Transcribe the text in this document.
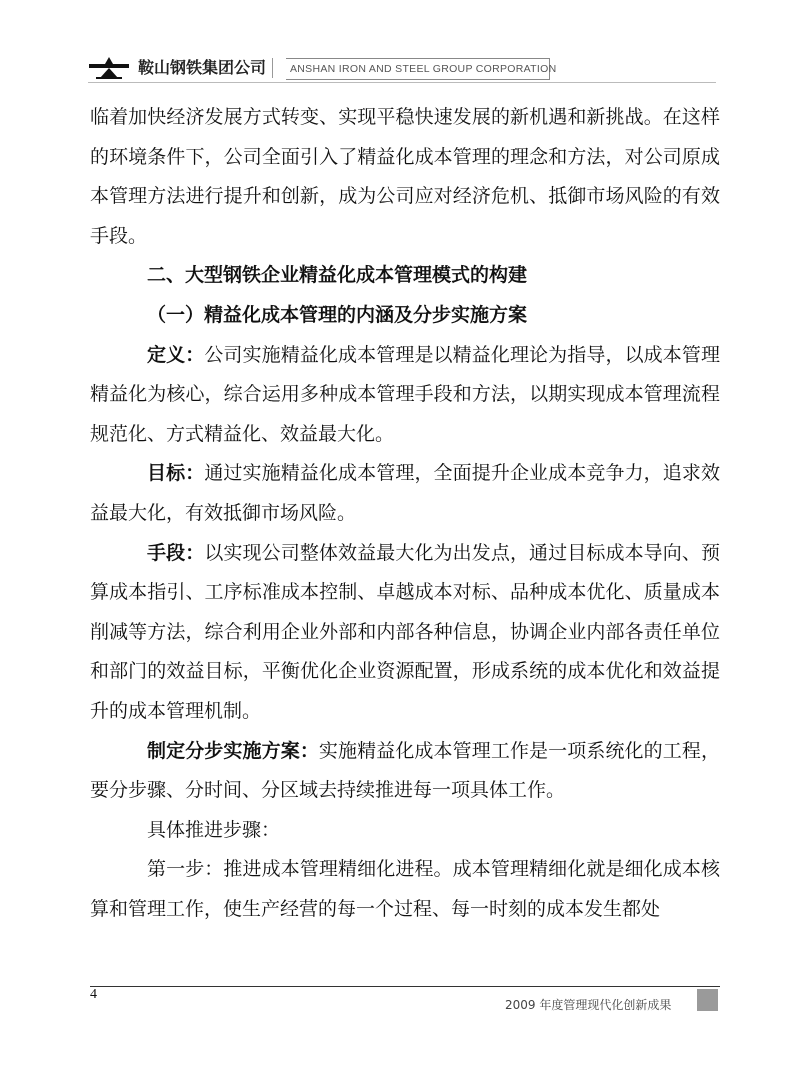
鞍山钢铁集团公司	ANSHAN IRON AND STEEL GROUP CORPORATION

临着加快经济发展方式转变、实现平稳快速发展的新机遇和新挑战。在这样的环境条件下，公司全面引入了精益化成本管理的理念和方法，对公司原成本管理方法进行提升和创新，成为公司应对经济危机、抵御市场风险的有效手段。

二、大型钢铁企业精益化成本管理模式的构建

（一）精益化成本管理的内涵及分步实施方案

定义：公司实施精益化成本管理是以精益化理论为指导，以成本管理精益化为核心，综合运用多种成本管理手段和方法，以期实现成本管理流程规范化、方式精益化、效益最大化。

目标：通过实施精益化成本管理，全面提升企业成本竞争力，追求效益最大化，有效抵御市场风险。

手段：以实现公司整体效益最大化为出发点，通过目标成本导向、预算成本指引、工序标准成本控制、卓越成本对标、品种成本优化、质量成本削减等方法，综合利用企业外部和内部各种信息，协调企业内部各责任单位和部门的效益目标，平衡优化企业资源配置，形成系统的成本优化和效益提升的成本管理机制。

制定分步实施方案：实施精益化成本管理工作是一项系统化的工程，要分步骤、分时间、分区域去持续推进每一项具体工作。

具体推进步骤：

第一步：推进成本管理精细化进程。成本管理精细化就是细化成本核算和管理工作，使生产经营的每一个过程、每一时刻的成本发生都处

4
2009 年度管理现代化创新成果
